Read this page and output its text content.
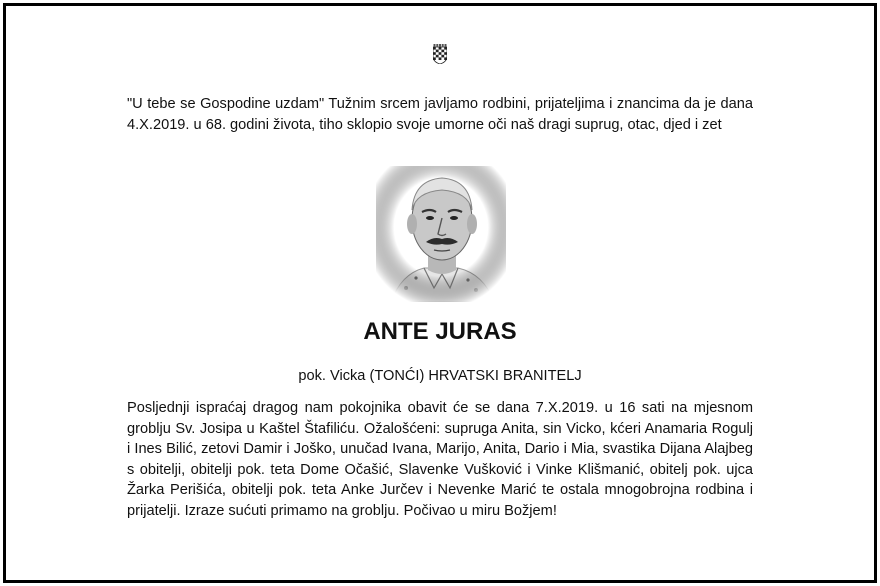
"U tebe se Gospodine uzdam" Tužnim srcem javljamo rodbini, prijateljima i znancima da je dana 4.X.2019. u 68. godini života, tiho sklopio svoje umorne oči naš dragi suprug, otac, djed i zet

ANTE JURAS

pok. Vicka (TONĆI) HRVATSKI BRANITELJ

Posljednji ispraćaj dragog nam pokojnika obavit će se dana 7.X.2019. u 16 sati na mjesnom groblju Sv. Josipa u Kaštel Štafiliću. Ožalošćeni: supruga Anita, sin Vicko, kćeri Anamaria Rogulj i Ines Bilić, zetovi Damir i Joško, unučad Ivana, Marijo, Anita, Dario i Mia, svastika Dijana Alajbeg s obitelji, obitelji pok. teta Dome Očašić, Slavenke Vušković i Vinke Klišmanić, obitelj pok. ujca Žarka Perišića, obitelji pok. teta Anke Jurčev i Nevenke Marić te ostala mnogobrojna rodbina i prijatelji. Izraze sućuti primamo na groblju. Počivao u miru Božjem!
